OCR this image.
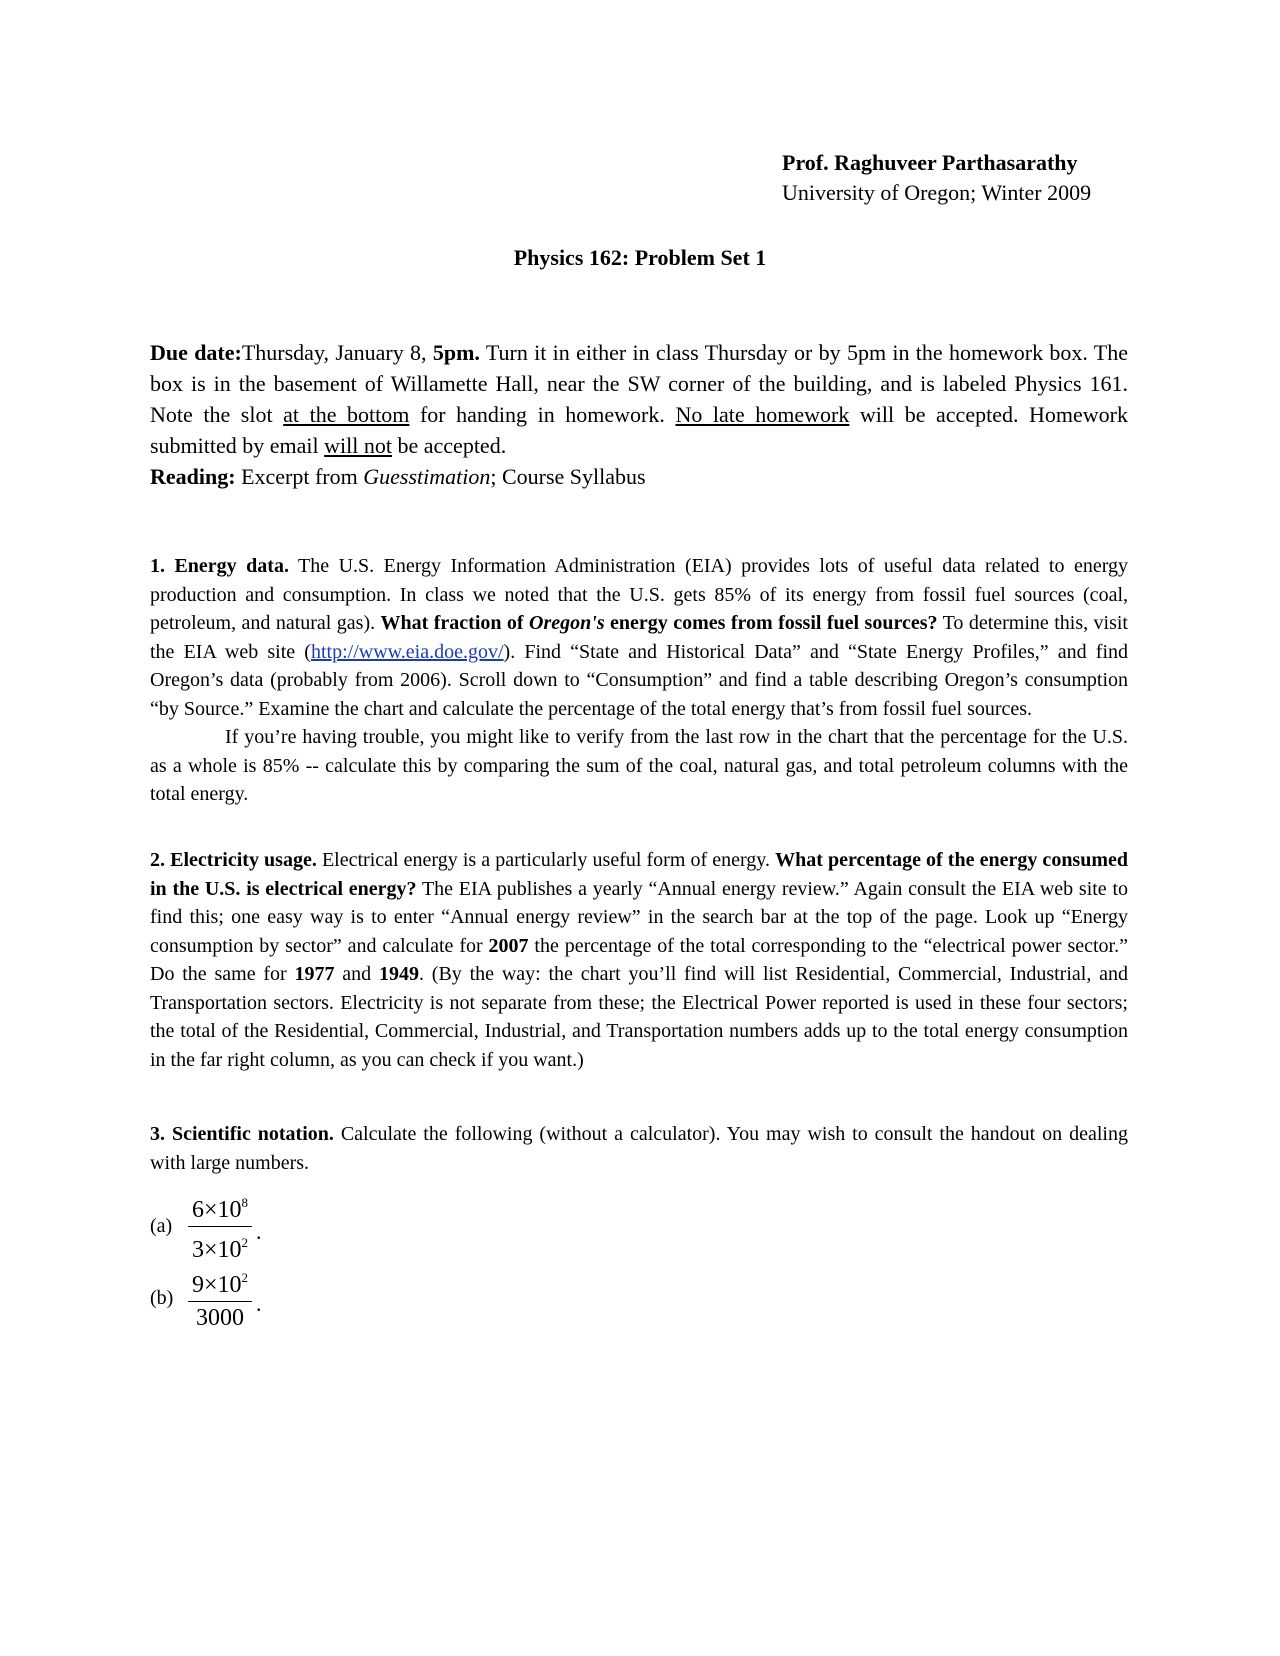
Prof. Raghuveer Parthasarathy
University of Oregon; Winter 2009
Physics 162: Problem Set 1
Due date:Thursday, January 8, 5pm. Turn it in either in class Thursday or by 5pm in the homework box. The box is in the basement of Willamette Hall, near the SW corner of the building, and is labeled Physics 161. Note the slot at the bottom for handing in homework. No late homework will be accepted. Homework submitted by email will not be accepted.
Reading: Excerpt from Guesstimation; Course Syllabus

1. Energy data. The U.S. Energy Information Administration (EIA) provides lots of useful data related to energy production and consumption. In class we noted that the U.S. gets 85% of its energy from fossil fuel sources (coal, petroleum, and natural gas). What fraction of Oregon's energy comes from fossil fuel sources? To determine this, visit the EIA web site (http://www.eia.doe.gov/). Find “State and Historical Data” and “State Energy Profiles,” and find Oregon’s data (probably from 2006). Scroll down to “Consumption” and find a table describing Oregon’s consumption “by Source.” Examine the chart and calculate the percentage of the total energy that’s from fossil fuel sources.

If you’re having trouble, you might like to verify from the last row in the chart that the percentage for the U.S. as a whole is 85% -- calculate this by comparing the sum of the coal, natural gas, and total petroleum columns with the total energy.

2. Electricity usage. Electrical energy is a particularly useful form of energy. What percentage of the energy consumed in the U.S. is electrical energy? The EIA publishes a yearly “Annual energy review.” Again consult the EIA web site to find this; one easy way is to enter “Annual energy review” in the search bar at the top of the page. Look up “Energy consumption by sector” and calculate for 2007 the percentage of the total corresponding to the “electrical power sector.” Do the same for 1977 and 1949. (By the way: the chart you’ll find will list Residential, Commercial, Industrial, and Transportation sectors. Electricity is not separate from these; the Electrical Power reported is used in these four sectors; the total of the Residential, Commercial, Industrial, and Transportation numbers adds up to the total energy consumption in the far right column, as you can check if you want.)

3. Scientific notation. Calculate the following (without a calculator). You may wish to consult the handout on dealing with large numbers.

$(a) \frac{6\times 10^8}{3\times 10^2}$ .
$(b) \frac{9\times 10^2}{3000}$ .
